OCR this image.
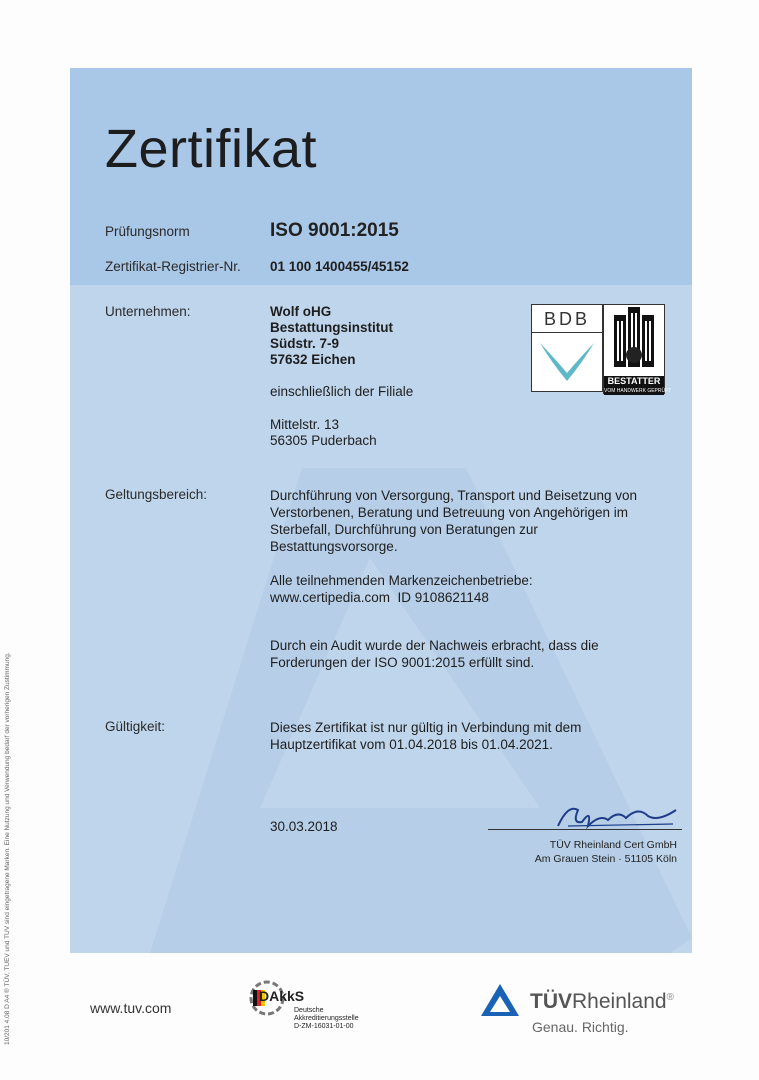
Zertifikat
Prüfungsnorm	ISO 9001:2015
Zertifikat-Registrier-Nr. 01 100 1400455/45152
Unternehmen:	Wolf oHG
Bestattungsinstitut
Südstr. 7-9
57632 Eichen
einschließlich der Filiale
Mittelstr. 13
56305 Puderbach
BDB
BESTATTER
VOM HANDWERK GEPRÜFT
Geltungsbereich:	Durchführung von Versorgung, Transport und Beisetzung von
Verstorbenen, Beratung und Betreuung von Angehörigen im
Sterbefall, Durchführung von Beratungen zur
Bestattungsvorsorge.
Alle teilnehmenden Markenzeichenbetriebe:
www.certipedia.com  ID 9108621148
Durch ein Audit wurde der Nachweis erbracht, dass die
Forderungen der ISO 9001:2015 erfüllt sind.
Gültigkeit:	Dieses Zertifikat ist nur gültig in Verbindung mit dem
Hauptzertifikat vom 01.04.2018 bis 01.04.2021.
30.03.2018
TÜV Rheinland Cert GmbH
Am Grauen Stein · 51105 Köln
www.tuv.com
DAkkS
Deutsche
Akkreditierungsstelle
D-ZM-16031-01-00
TÜVRheinland®
Genau. Richtig.
10/201 4.08 D A4 ® TÜV, TUEV und TUV sind eingetragene Marken. Eine Nutzung und Verwendung bedarf der vorherigen Zustimmung.
